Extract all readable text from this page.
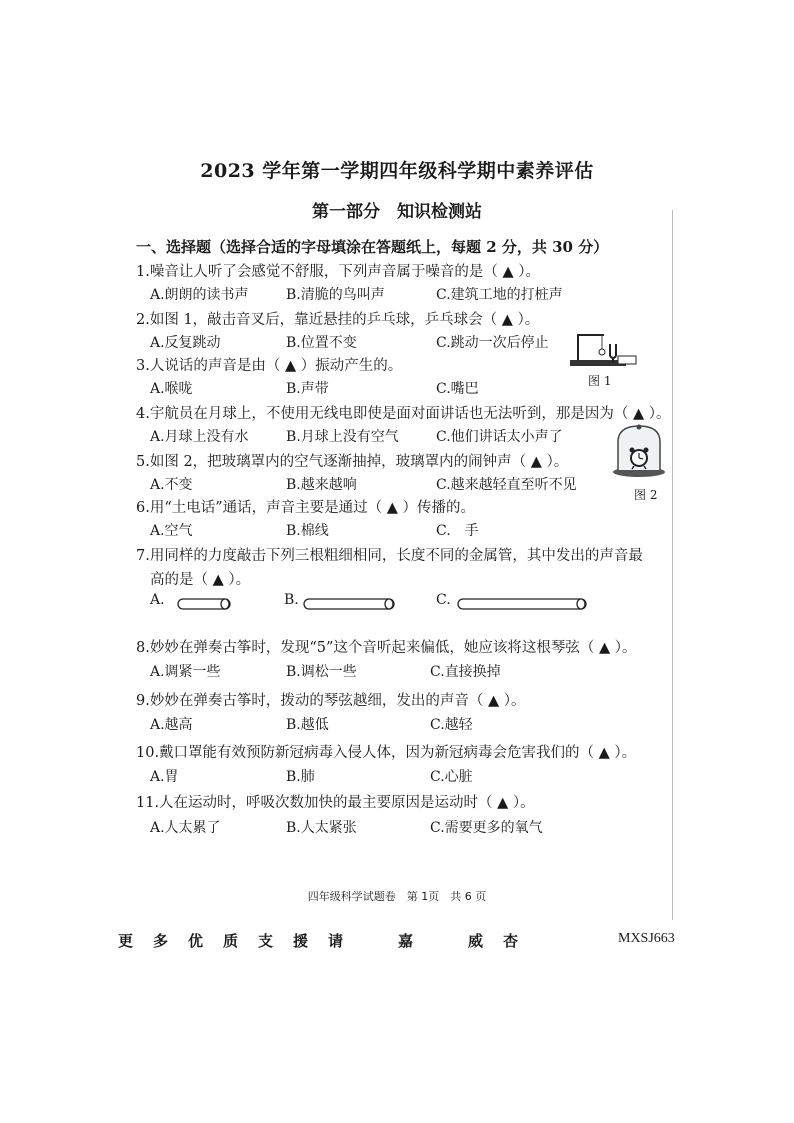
2023 学年第一学期四年级科学期中素养评估
第一部分　知识检测站
一、选择题（选择合适的字母填涂在答题纸上，每题 2 分，共 30 分）
1.噪音让人听了会感觉不舒服，下列声音属于噪音的是（ ▲ ）。
A.朗朗的读书声	B.清脆的鸟叫声	C.建筑工地的打桩声
2.如图 1，敲击音叉后，靠近悬挂的乒乓球，乒乓球会（ ▲ ）。
A.反复跳动	B.位置不变	C.跳动一次后停止
3.人说话的声音是由（ ▲ ）振动产生的。
A.喉咙	B.声带	C.嘴巴	图 1
4.宇航员在月球上，不使用无线电即使是面对面讲话也无法听到，那是因为（ ▲ ）。
A.月球上没有水	B.月球上没有空气	C.他们讲话太小声了
图 2
5.如图 2，把玻璃罩内的空气逐渐抽掉，玻璃罩内的闹钟声（ ▲ ）。
A.不变	B.越来越响	C.越来越轻直至听不见
6.用“土电话”通话，声音主要是通过（ ▲ ）传播的。
A.空气	B.棉线	C.　手
7.用同样的力度敲击下列三根粗细相同，长度不同的金属管，其中发出的声音最
高的是（ ▲ ）。
A.	B.	C.
8.妙妙在弹奏古筝时，发现“5”这个音听起来偏低，她应该将这根琴弦（ ▲ ）。
A.调紧一些	B.调松一些	C.直接换掉
9.妙妙在弹奏古筝时，拨动的琴弦越细，发出的声音（ ▲ ）。
A.越高	B.越低	C.越轻
10.戴口罩能有效预防新冠病毒入侵人体，因为新冠病毒会危害我们的（ ▲ ）。
A.胃	B.肺	C.心脏
11.人在运动时，呼吸次数加快的最主要原因是运动时（ ▲ ）。
A.人太累了	B.人太紧张	C.需要更多的氧气
四年级科学试题卷　第 1页　共 6 页
更多优质支援请　嘉　威杏	MXSJ663
